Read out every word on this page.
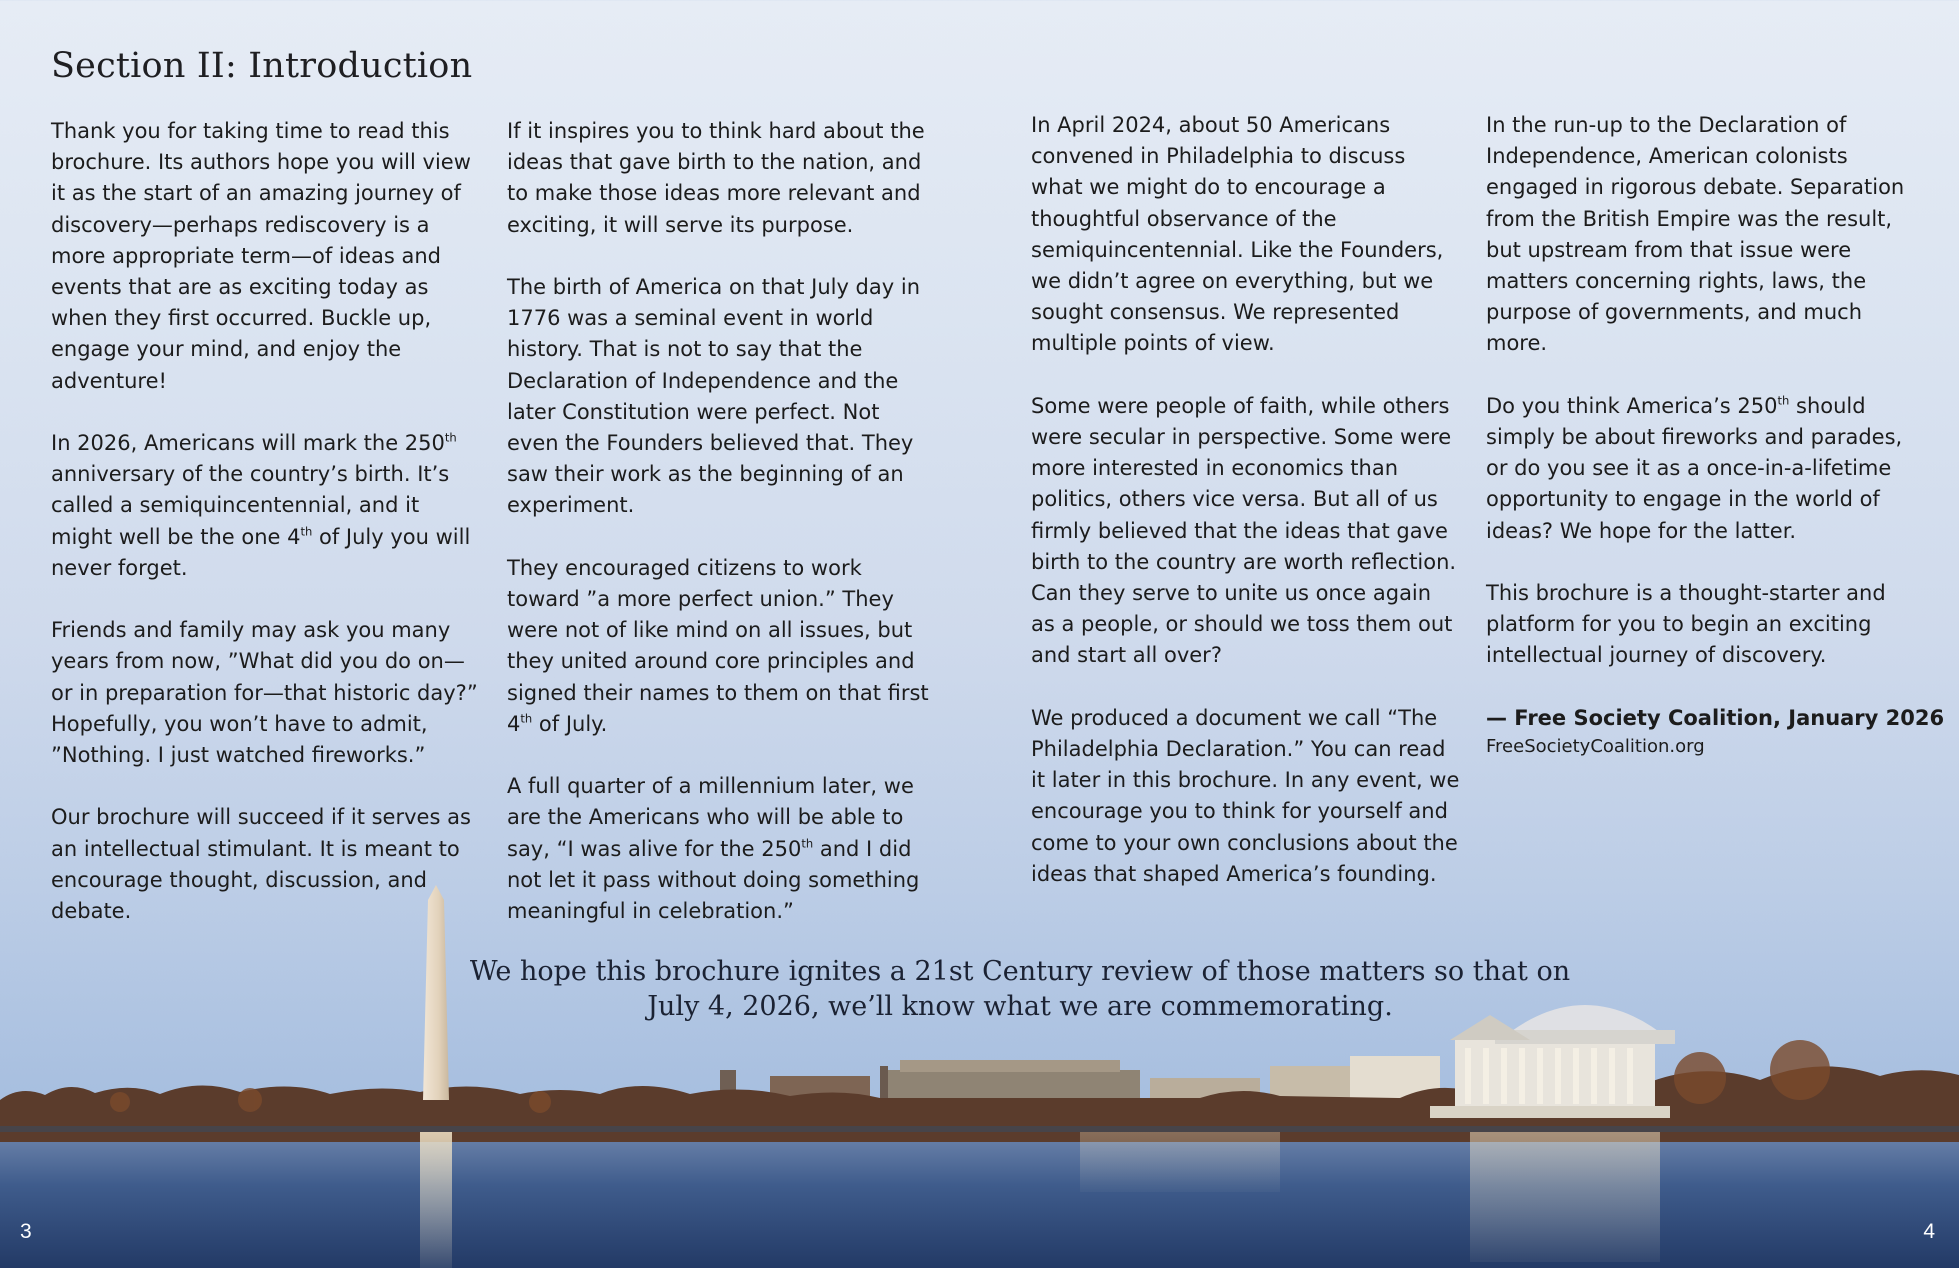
Section II: Introduction

Thank you for taking time to read this brochure. Its authors hope you will view it as the start of an amazing journey of discovery—perhaps rediscovery is a more appropriate term—of ideas and events that are as exciting today as when they first occurred. Buckle up, engage your mind, and enjoy the adventure!

In 2026, Americans will mark the 250th anniversary of the country’s birth. It’s called a semiquincentennial, and it might well be the one 4th of July you will never forget.

Friends and family may ask you many years from now, ”What did you do on—or in preparation for—that historic day?” Hopefully, you won’t have to admit, ”Nothing. I just watched fireworks.”

Our brochure will succeed if it serves as an intellectual stimulant. It is meant to encourage thought, discussion, and debate.

If it inspires you to think hard about the ideas that gave birth to the nation, and to make those ideas more relevant and exciting, it will serve its purpose.

The birth of America on that July day in 1776 was a seminal event in world history. That is not to say that the Declaration of Independence and the later Constitution were perfect. Not even the Founders believed that. They saw their work as the beginning of an experiment.

They encouraged citizens to work toward ”a more perfect union.” They were not of like mind on all issues, but they united around core principles and signed their names to them on that first 4th of July.

A full quarter of a millennium later, we are the Americans who will be able to say, “I was alive for the 250th and I did not let it pass without doing something meaningful in celebration.”

In April 2024, about 50 Americans convened in Philadelphia to discuss what we might do to encourage a thoughtful observance of the semiquincentennial. Like the Founders, we didn’t agree on everything, but we sought consensus. We represented multiple points of view.

Some were people of faith, while others were secular in perspective. Some were more interested in economics than politics, others vice versa. But all of us firmly believed that the ideas that gave birth to the country are worth reflection. Can they serve to unite us once again as a people, or should we toss them out and start all over?

We produced a document we call “The Philadelphia Declaration.” You can read it later in this brochure. In any event, we encourage you to think for yourself and come to your own conclusions about the ideas that shaped America’s founding.

In the run-up to the Declaration of Independence, American colonists engaged in rigorous debate. Separation from the British Empire was the result, but upstream from that issue were matters concerning rights, laws, the purpose of governments, and much more.

Do you think America’s 250th should simply be about fireworks and parades, or do you see it as a once-in-a-lifetime opportunity to engage in the world of ideas? We hope for the latter.

This brochure is a thought-starter and platform for you to begin an exciting intellectual journey of discovery.

— Free Society Coalition, January 2026

FreeSocietyCoalition.org

We hope this brochure ignites a 21st Century review of those matters so that on
July 4, 2026, we’ll know what we are commemorating.

3	4
